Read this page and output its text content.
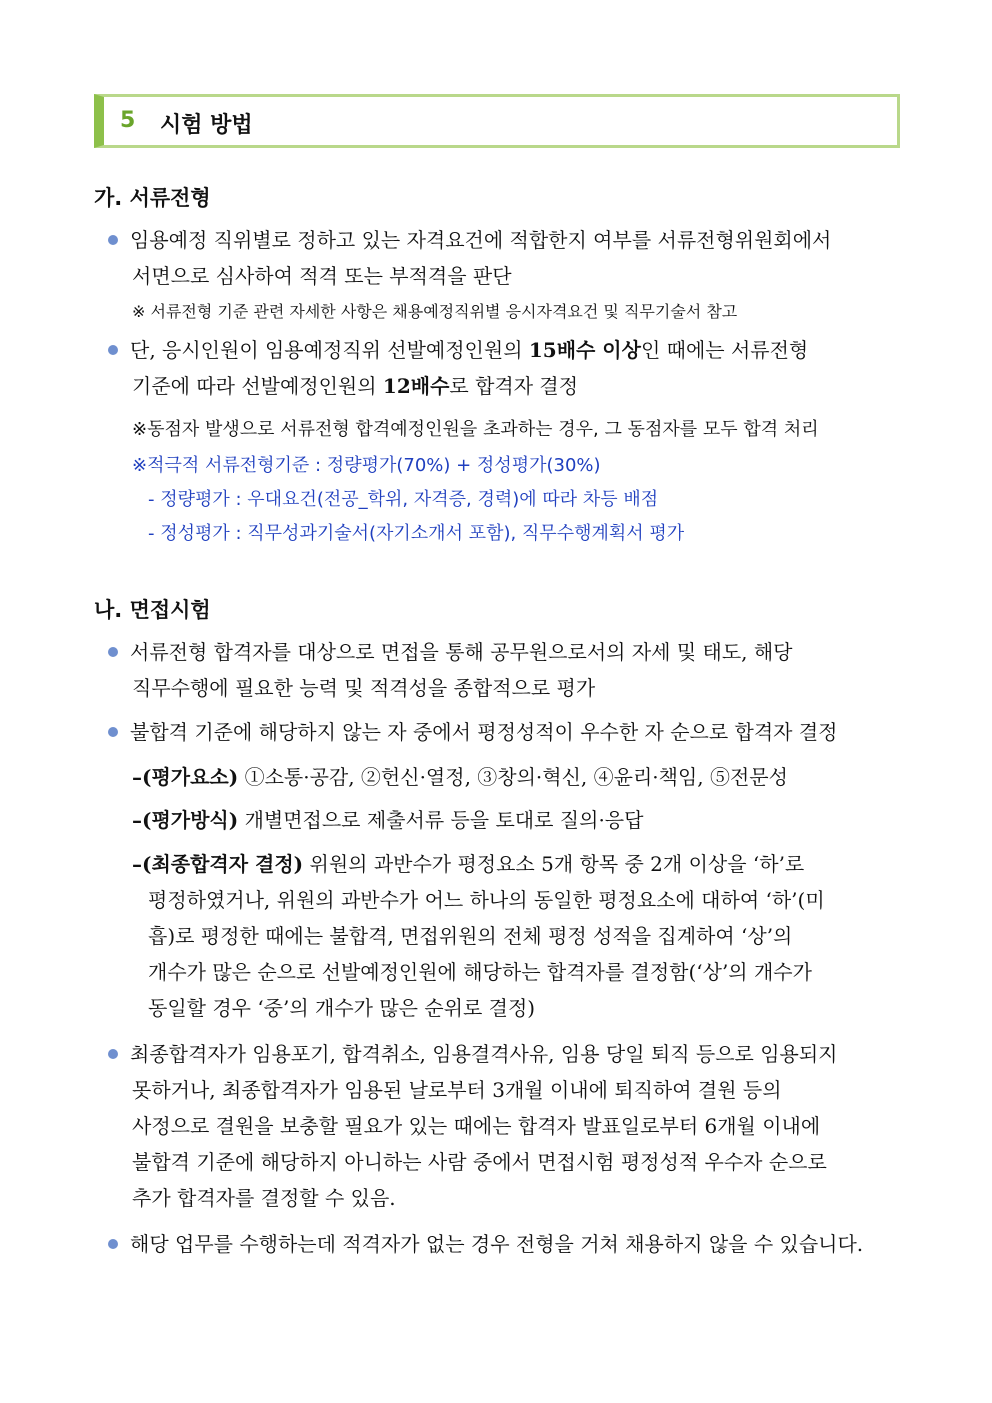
5 시험 방법
가. 서류전형
임용예정 직위별로 정하고 있는 자격요건에 적합한지 여부를 서류전형위원회에서
서면으로 심사하여 적격 또는 부적격을 판단
※ 서류전형 기준 관련 자세한 사항은 채용예정직위별 응시자격요건 및 직무기술서 참고
단, 응시인원이 임용예정직위 선발예정인원의 15배수 이상인 때에는 서류전형
기준에 따라 선발예정인원의 12배수로 합격자 결정
※동점자 발생으로 서류전형 합격예정인원을 초과하는 경우, 그 동점자를 모두 합격 처리
※적극적 서류전형기준 : 정량평가(70%) + 정성평가(30%)
- 정량평가 : 우대요건(전공_학위, 자격증, 경력)에 따라 차등 배점
- 정성평가 : 직무성과기술서(자기소개서 포함), 직무수행계획서 평가
나. 면접시험
서류전형 합격자를 대상으로 면접을 통해 공무원으로서의 자세 및 태도, 해당
직무수행에 필요한 능력 및 적격성을 종합적으로 평가
불합격 기준에 해당하지 않는 자 중에서 평정성적이 우수한 자 순으로 합격자 결정
–(평가요소) ①소통·공감, ②헌신·열정, ③창의·혁신, ④윤리·책임, ⑤전문성
–(평가방식) 개별면접으로 제출서류 등을 토대로 질의·응답
–(최종합격자 결정) 위원의 과반수가 평정요소 5개 항목 중 2개 이상을 ‘하’로
평정하였거나, 위원의 과반수가 어느 하나의 동일한 평정요소에 대하여 ‘하’(미
흡)로 평정한 때에는 불합격, 면접위원의 전체 평정 성적을 집계하여 ‘상’의
개수가 많은 순으로 선발예정인원에 해당하는 합격자를 결정함(‘상’의 개수가
동일할 경우 ‘중’의 개수가 많은 순위로 결정)
최종합격자가 임용포기, 합격취소, 임용결격사유, 임용 당일 퇴직 등으로 임용되지
못하거나, 최종합격자가 임용된 날로부터 3개월 이내에 퇴직하여 결원 등의
사정으로 결원을 보충할 필요가 있는 때에는 합격자 발표일로부터 6개월 이내에
불합격 기준에 해당하지 아니하는 사람 중에서 면접시험 평정성적 우수자 순으로
추가 합격자를 결정할 수 있음.
해당 업무를 수행하는데 적격자가 없는 경우 전형을 거쳐 채용하지 않을 수 있습니다.
